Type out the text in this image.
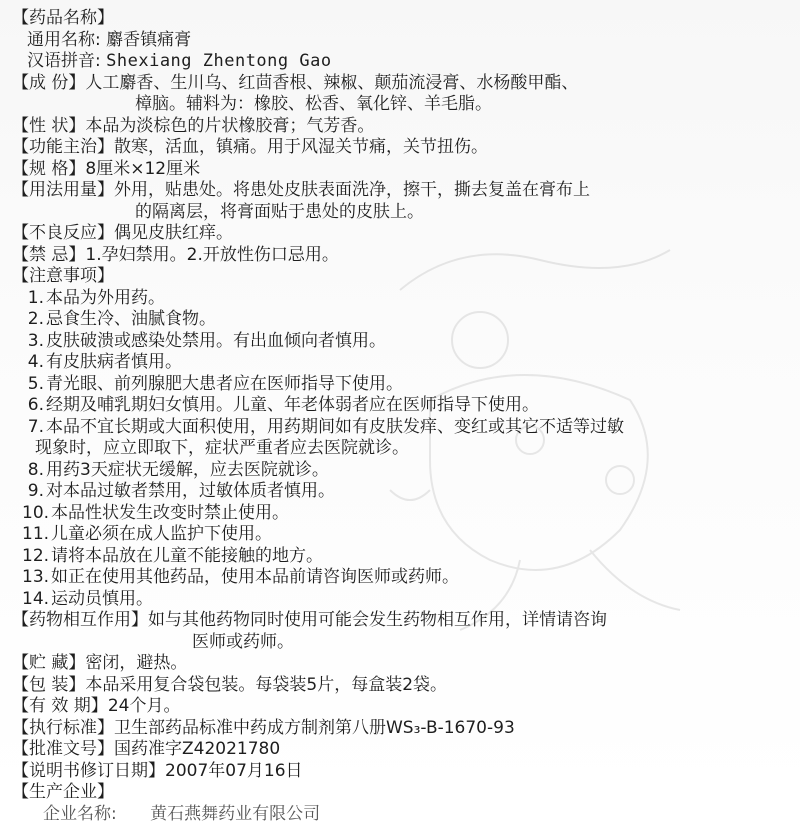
【药品名称】
通用名称: 麝香镇痛膏
汉语拼音: Shexiang Zhentong Gao
【成 份】人工麝香、生川乌、红茴香根、辣椒、颠茄流浸膏、水杨酸甲酯、
樟脑。辅料为：橡胶、松香、氧化锌、羊毛脂。
【性 状】本品为淡棕色的片状橡胶膏；气芳香。
【功能主治】散寒，活血，镇痛。用于风湿关节痛，关节扭伤。
【规 格】8厘米×12厘米
【用法用量】外用，贴患处。将患处皮肤表面洗净，擦干，撕去复盖在膏布上
的隔离层，将膏面贴于患处的皮肤上。
【不良反应】偶见皮肤红痒。
【禁 忌】1.孕妇禁用。2.开放性伤口忌用。
【注意事项】
1. 本品为外用药。
2. 忌食生冷、油腻食物。
3. 皮肤破溃或感染处禁用。有出血倾向者慎用。
4. 有皮肤病者慎用。
5. 青光眼、前列腺肥大患者应在医师指导下使用。
6. 经期及哺乳期妇女慎用。儿童、年老体弱者应在医师指导下使用。
7. 本品不宜长期或大面积使用，用药期间如有皮肤发痒、变红或其它不适等过敏
现象时，应立即取下，症状严重者应去医院就诊。
8. 用药3天症状无缓解，应去医院就诊。
9. 对本品过敏者禁用，过敏体质者慎用。
10. 本品性状发生改变时禁止使用。
11. 儿童必须在成人监护下使用。
12. 请将本品放在儿童不能接触的地方。
13. 如正在使用其他药品，使用本品前请咨询医师或药师。
14. 运动员慎用。
【药物相互作用】如与其他药物同时使用可能会发生药物相互作用，详情请咨询
医师或药师。
【贮 藏】密闭，避热。
【包 装】本品采用复合袋包装。每袋装5片，每盒装2袋。
【有 效 期】24个月。
【执行标准】卫生部药品标准中药成方制剂第八册WS₃-B-1670-93
【批准文号】国药准字Z42021780
【说明书修订日期】2007年07月16日
【生产企业】
企业名称: 黄石燕舞药业有限公司
